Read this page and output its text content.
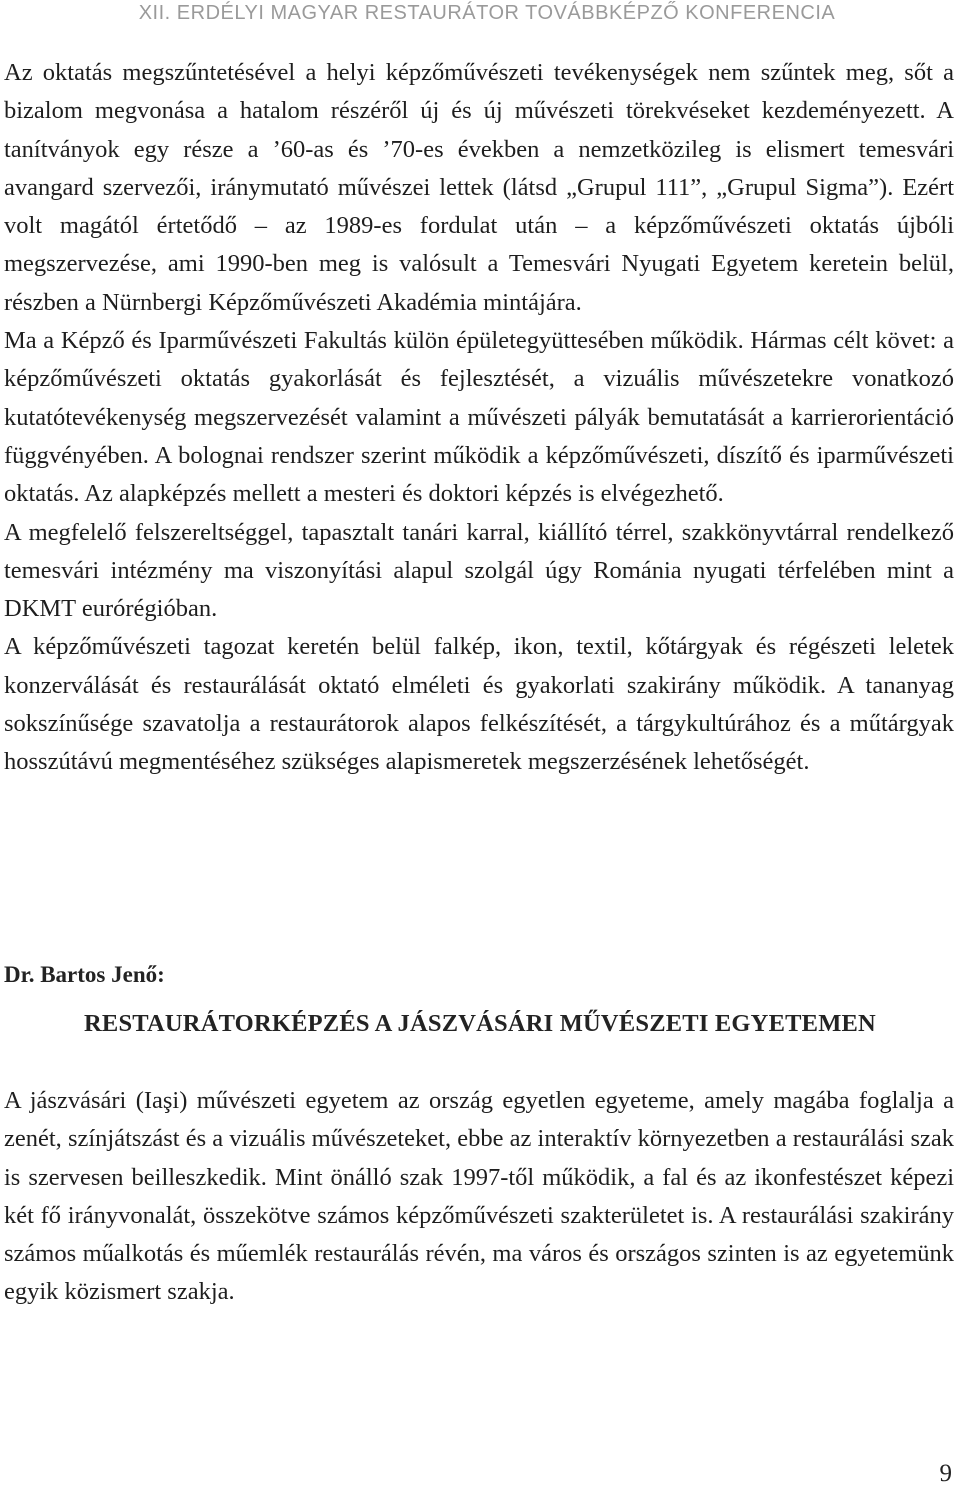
XII. ERDÉLYI MAGYAR RESTAURÁTOR TOVÁBBKÉPZŐ KONFERENCIA

Az oktatás megszűntetésével a helyi képzőművészeti tevékenységek nem szűntek meg, sőt a bizalom megvonása a hatalom részéről új és új művészeti törekvéseket kezdeményezett. A tanítványok egy része a ’60-as és ’70-es években a nemzetközileg is elismert temesvári avangard szervezői, iránymutató művészei lettek (látsd „Grupul 111”, „Grupul Sigma”). Ezért volt magától értetődő – az 1989-es fordulat után – a képzőművészeti oktatás újbóli megszervezése, ami 1990-ben meg is valósult a Temesvári Nyugati Egyetem keretein belül, részben a Nürnbergi Képzőművészeti Akadémia mintájára.

Ma a Képző és Iparművészeti Fakultás külön épületegyüttesében működik. Hármas célt követ: a képzőművészeti oktatás gyakorlását és fejlesztését, a vizuális művészetekre vonatkozó kutatótevékenység megszervezését valamint a művészeti pályák bemutatását a karrierorientáció függvényében. A bolognai rendszer szerint működik a képzőművészeti, díszítő és iparművészeti oktatás. Az alapképzés mellett a mesteri és doktori képzés is elvégezhető.

A megfelelő felszereltséggel, tapasztalt tanári karral, kiállító térrel, szakkönyvtárral rendelkező temesvári intézmény ma viszonyítási alapul szolgál úgy Románia nyugati térfelében mint a DKMT eurórégióban.

A képzőművészeti tagozat keretén belül falkép, ikon, textil, kőtárgyak és régészeti leletek konzerválását és restaurálását oktató elméleti és gyakorlati szakirány működik. A tananyag sokszínűsége szavatolja a restaurátorok alapos felkészítését, a tárgykultúrához és a műtárgyak hosszútávú megmentéséhez szükséges alapismeretek megszerzésének lehetőségét.

Dr. Bartos Jenő:
RESTAURÁTORKÉPZÉS A JÁSZVÁSÁRI MŰVÉSZETI EGYETEMEN

A jászvásári (Iaşi) művészeti egyetem az ország egyetlen egyeteme, amely magába foglalja a zenét, színjátszást és a vizuális művészeteket, ebbe az interaktív környezetben a restaurálási szak is szervesen beilleszkedik. Mint önálló szak 1997-től működik, a fal és az ikonfestészet képezi két fő irányvonalát, összekötve számos képzőművészeti szakterületet is. A restaurálási szakirány számos műalkotás és műemlék restaurálás révén, ma város és országos szinten is az egyetemünk egyik közismert szakja.

9
